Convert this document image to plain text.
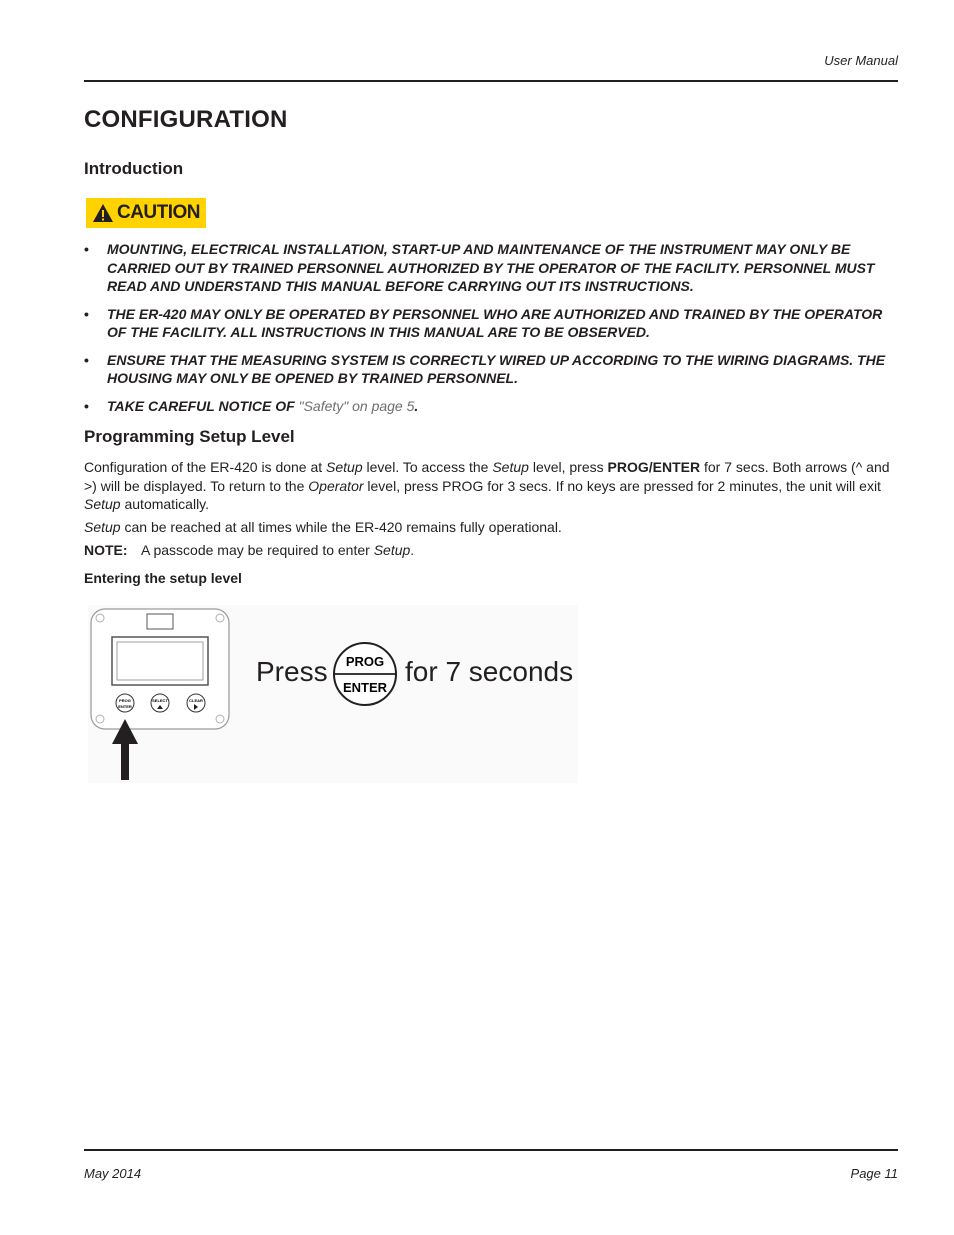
User Manual
CONFIGURATION
Introduction
CAUTION
• MOUNTING, ELECTRICAL INSTALLATION, START-UP AND MAINTENANCE OF THE INSTRUMENT MAY ONLY BE CARRIED OUT BY TRAINED PERSONNEL AUTHORIZED BY THE OPERATOR OF THE FACILITY. PERSONNEL MUST READ AND UNDERSTAND THIS MANUAL BEFORE CARRYING OUT ITS INSTRUCTIONS.
• THE ER-420 MAY ONLY BE OPERATED BY PERSONNEL WHO ARE AUTHORIZED AND TRAINED BY THE OPERATOR OF THE FACILITY. ALL INSTRUCTIONS IN THIS MANUAL ARE TO BE OBSERVED.
• ENSURE THAT THE MEASURING SYSTEM IS CORRECTLY WIRED UP ACCORDING TO THE WIRING DIAGRAMS. THE HOUSING MAY ONLY BE OPENED BY TRAINED PERSONNEL.
• TAKE CAREFUL NOTICE OF "Safety" on page 5.
Programming Setup Level

Configuration of the ER-420 is done at Setup level. To access the Setup level, press PROG/ENTER for 7 secs. Both arrows (^ and >) will be displayed. To return to the Operator level, press PROG for 3 secs. If no keys are pressed for 2 minutes, the unit will exit Setup automatically.

Setup can be reached at all times while the ER-420 remains fully operational.

NOTE: A passcode may be required to enter Setup.

Entering the setup level
PROG
ENTER
SELECT	CLEAR
Press PROG
ENTER
for 7 seconds
May 2014	Page 11
